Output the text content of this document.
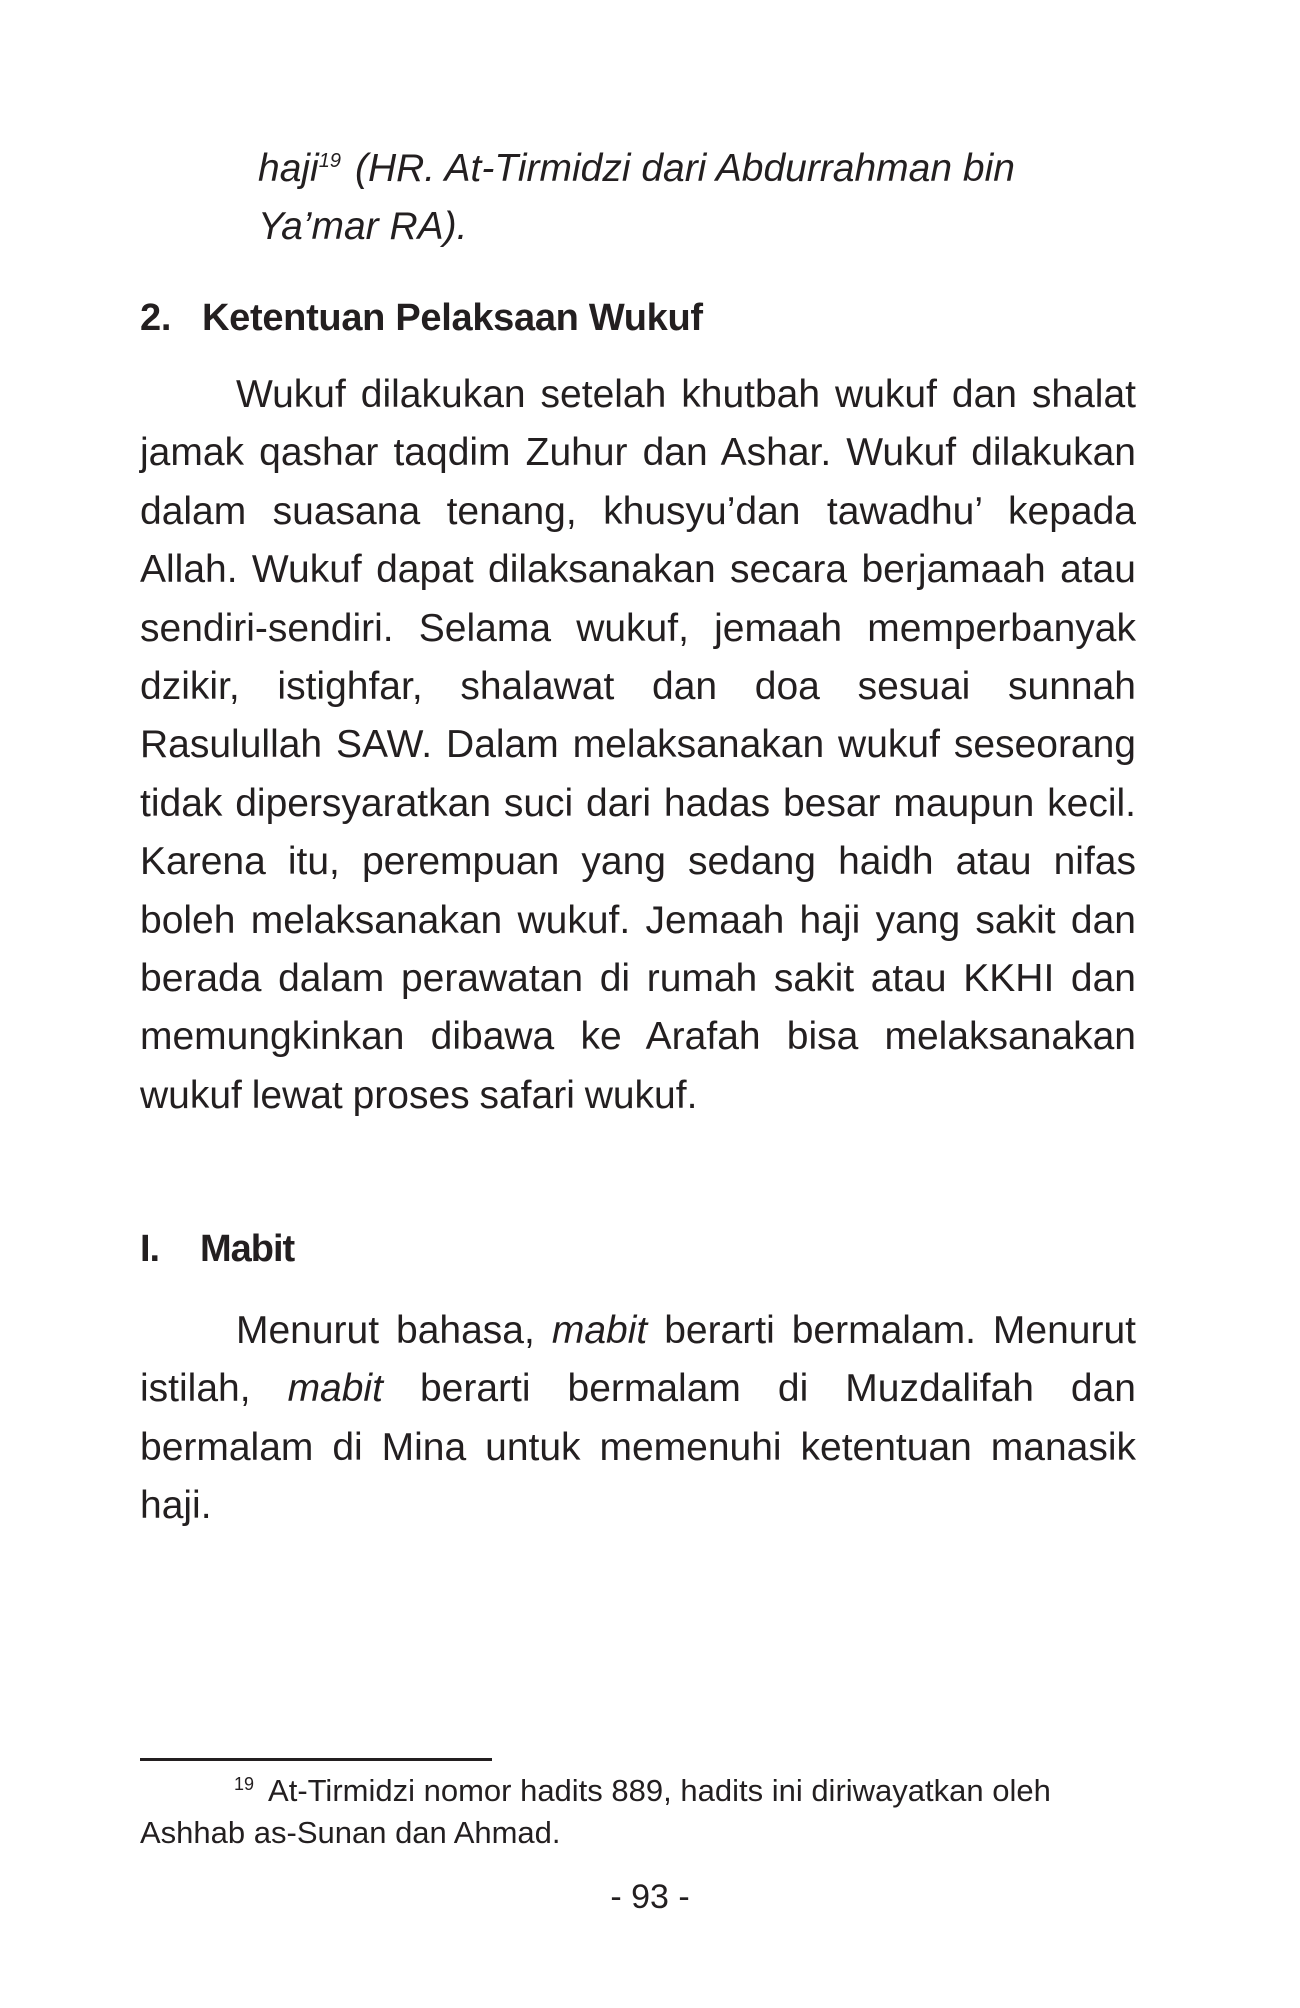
haji$^{19}$ (HR. At-Tirmidzi dari Abdurrahman bin Ya’mar RA).

2. Ketentuan Pelaksaan Wukuf

Wukuf dilakukan setelah khutbah wukuf dan shalat jamak qashar taqdim Zuhur dan Ashar. Wukuf dilakukan dalam suasana tenang, khusyu’dan tawadhu’ kepada Allah. Wukuf dapat dilaksanakan secara berjamaah atau sendiri-sendiri. Selama wukuf, jemaah memperbanyak dzikir, istighfar, shalawat dan doa sesuai sunnah Rasulullah SAW. Dalam melaksanakan wukuf seseorang tidak dipersyaratkan suci dari hadas besar maupun kecil. Karena itu, perempuan yang sedang haidh atau nifas boleh melaksanakan wukuf. Jemaah haji yang sakit dan berada dalam perawatan di rumah sakit atau KKHI dan memungkinkan dibawa ke Arafah bisa melaksanakan wukuf lewat proses safari wukuf.

I. Mabit

Menurut bahasa, mabit berarti bermalam. Menurut istilah, mabit berarti bermalam di Muzdalifah dan bermalam di Mina untuk memenuhi ketentuan manasik haji.

$^{19}$ At-Tirmidzi nomor hadits 889, hadits ini diriwayatkan oleh Ashhab as-Sunan dan Ahmad.

- 93 -
